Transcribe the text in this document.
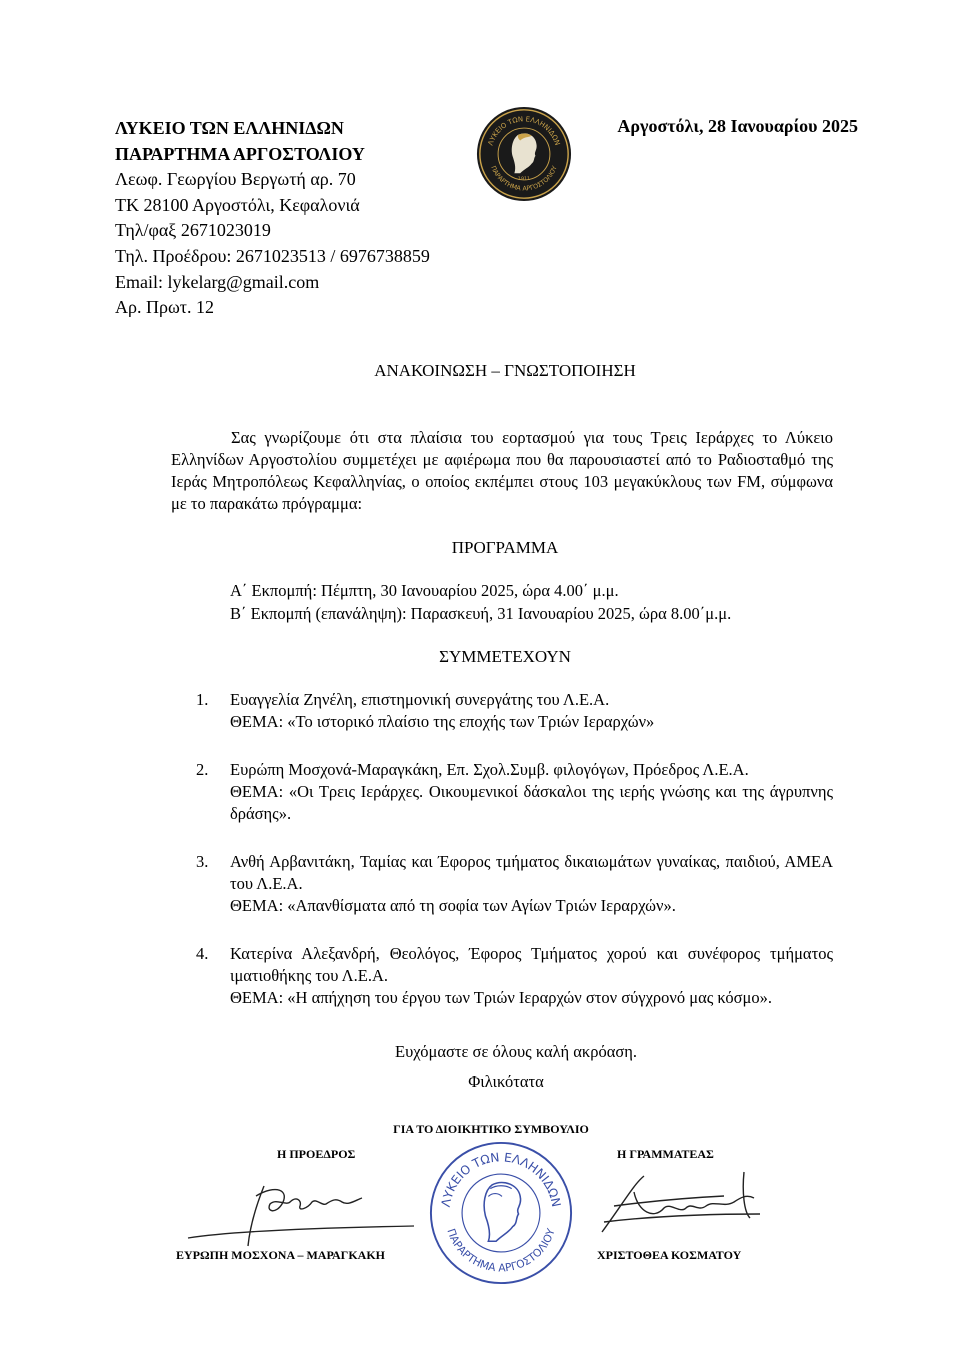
ΛΥΚΕΙΟ ΤΩΝ ΕΛΛΗΝΙΔΩΝ
ΠΑΡΑΡΤΗΜΑ ΑΡΓΟΣΤΟΛΙΟΥ
Λεωφ. Γεωργίου Βεργωτή αρ. 70
ΤΚ 28100 Αργοστόλι, Κεφαλονιά
Τηλ/φαξ 2671023019
Τηλ. Προέδρου: 2671023513 / 6976738859
Email: lykelarg@gmail.com
Αρ. Πρωτ. 12
ΛΥΚΕΙΟ ΤΩΝ ΕΛΛΗΝΙΔΩΝ
ΠΑΡΑΡΤΗΜΑ ΑΡΓΟΣΤΟΛΙΟΥ
1911
Αργοστόλι, 28 Ιανουαρίου 2025
ΑΝΑΚΟΙΝΩΣΗ – ΓΝΩΣΤΟΠΟΙΗΣΗ
Σας γνωρίζουμε ότι στα πλαίσια του εορτασμού για τους Τρεις Ιεράρχες το Λύκειο Ελληνίδων Αργοστολίου συμμετέχει με αφιέρωμα που θα παρουσιαστεί από το Ραδιοσταθμό της Ιεράς Μητροπόλεως Κεφαλληνίας, ο οποίος εκπέμπει στους 103 μεγακύκλους των FM, σύμφωνα με το παρακάτω πρόγραμμα:
ΠΡΟΓΡΑΜΜΑ
Α΄ Εκπομπή: Πέμπτη, 30 Ιανουαρίου 2025, ώρα 4.00΄ μ.μ.
Β΄ Εκπομπή (επανάληψη): Παρασκευή, 31 Ιανουαρίου 2025, ώρα 8.00΄μ.μ.
ΣΥΜΜΕΤΕΧΟΥΝ
1. Ευαγγελία Ζηνέλη, επιστημονική συνεργάτης του Λ.Ε.Α.
ΘΕΜΑ: «Το ιστορικό πλαίσιο της εποχής των Τριών Ιεραρχών»
2. Ευρώπη Μοσχονά-Μαραγκάκη, Επ. Σχολ.Συμβ. φιλογόγων, Πρόεδρος Λ.Ε.Α.
ΘΕΜΑ: «Οι Τρεις Ιεράρχες. Οικουμενικοί δάσκαλοι της ιερής γνώσης και της άγρυπνης δράσης».
3. Ανθή Αρβανιτάκη, Ταμίας και Έφορος τμήματος δικαιωμάτων γυναίκας, παιδιού, ΑΜΕΑ του Λ.Ε.Α.
ΘΕΜΑ: «Απανθίσματα από τη σοφία των Αγίων Τριών Ιεραρχών».
4. Κατερίνα Αλεξανδρή, Θεολόγος, Έφορος Τμήματος χορού και συνέφορος τμήματος ιματιοθήκης του Λ.Ε.Α.
ΘΕΜΑ: «Η απήχηση του έργου των Τριών Ιεραρχών στον σύγχρονό μας κόσμο».
Ευχόμαστε σε όλους καλή ακρόαση.
Φιλικότατα
ΓΙΑ ΤΟ ΔΙΟΙΚΗΤΙΚΟ ΣΥΜΒΟΥΛΙΟ
Η ΠΡΟΕΔΡΟΣ	Η ΓΡΑΜΜΑΤΕΑΣ
ΛΥΚΕΙΟ ΤΩΝ ΕΛΛΗΝΙΔΩΝ
ΠΑΡΑΡΤΗΜΑ ΑΡΓΟΣΤΟΛΙΟΥ
ΕΥΡΩΠΗ ΜΟΣΧΟΝΑ – ΜΑΡΑΓΚΑΚΗ	ΧΡΙΣΤΟΘΕΑ ΚΟΣΜΑΤΟΥ
